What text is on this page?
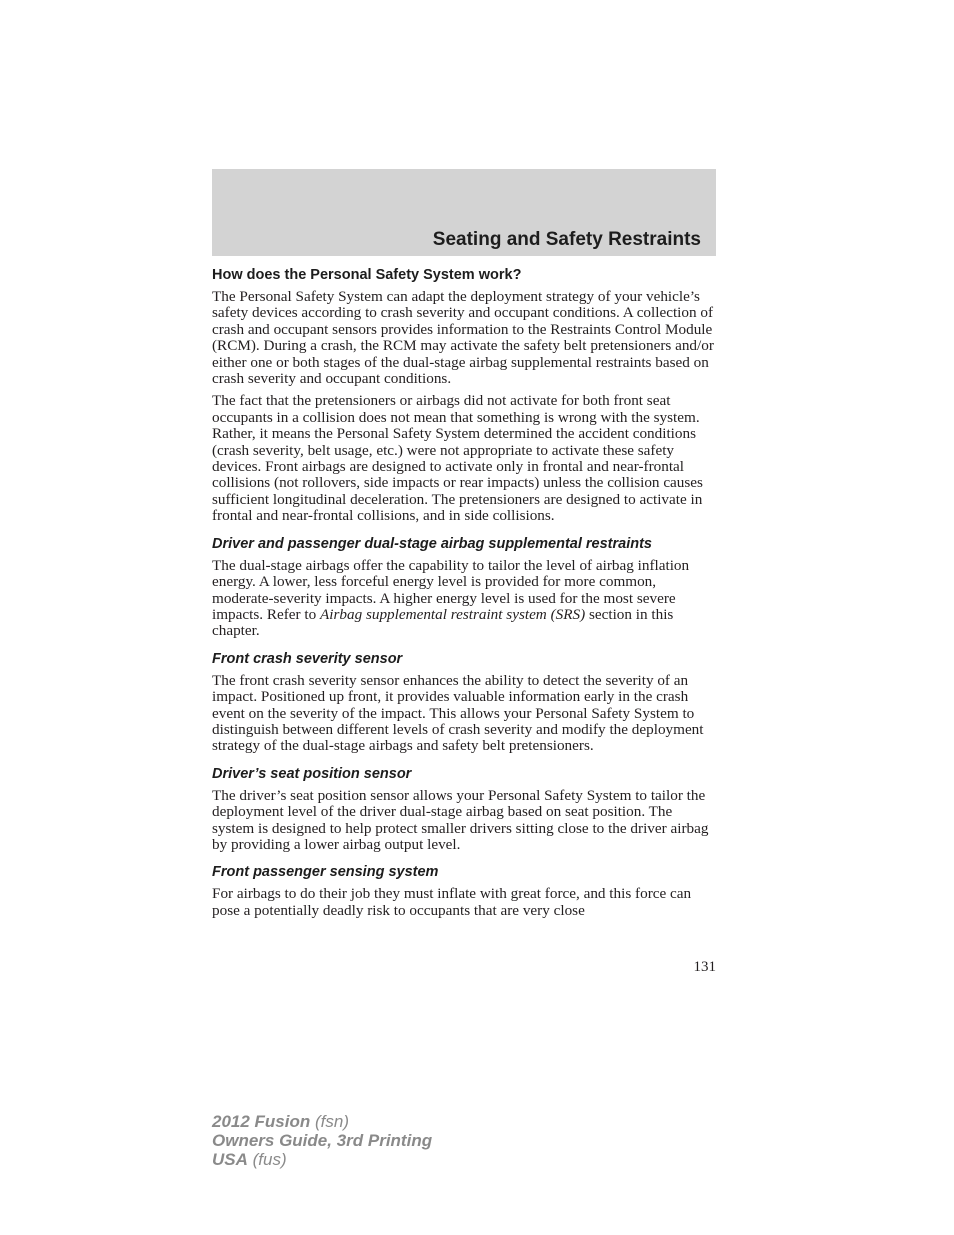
Seating and Safety Restraints
How does the Personal Safety System work?

The Personal Safety System can adapt the deployment strategy of your vehicle’s safety devices according to crash severity and occupant conditions. A collection of crash and occupant sensors provides information to the Restraints Control Module (RCM). During a crash, the RCM may activate the safety belt pretensioners and/or either one or both stages of the dual-stage airbag supplemental restraints based on crash severity and occupant conditions.

The fact that the pretensioners or airbags did not activate for both front seat occupants in a collision does not mean that something is wrong with the system. Rather, it means the Personal Safety System determined the accident conditions (crash severity, belt usage, etc.) were not appropriate to activate these safety devices. Front airbags are designed to activate only in frontal and near-frontal collisions (not rollovers, side impacts or rear impacts) unless the collision causes sufficient longitudinal deceleration. The pretensioners are designed to activate in frontal and near-frontal collisions, and in side collisions.

Driver and passenger dual-stage airbag supplemental restraints

The dual-stage airbags offer the capability to tailor the level of airbag inflation energy. A lower, less forceful energy level is provided for more common, moderate-severity impacts. A higher energy level is used for the most severe impacts. Refer to Airbag supplemental restraint system (SRS) section in this chapter.

Front crash severity sensor

The front crash severity sensor enhances the ability to detect the severity of an impact. Positioned up front, it provides valuable information early in the crash event on the severity of the impact. This allows your Personal Safety System to distinguish between different levels of crash severity and modify the deployment strategy of the dual-stage airbags and safety belt pretensioners.

Driver’s seat position sensor

The driver’s seat position sensor allows your Personal Safety System to tailor the deployment level of the driver dual-stage airbag based on seat position. The system is designed to help protect smaller drivers sitting close to the driver airbag by providing a lower airbag output level.

Front passenger sensing system

For airbags to do their job they must inflate with great force, and this force can pose a potentially deadly risk to occupants that are very close

131
2012 Fusion (fsn)
Owners Guide, 3rd Printing
USA (fus)
